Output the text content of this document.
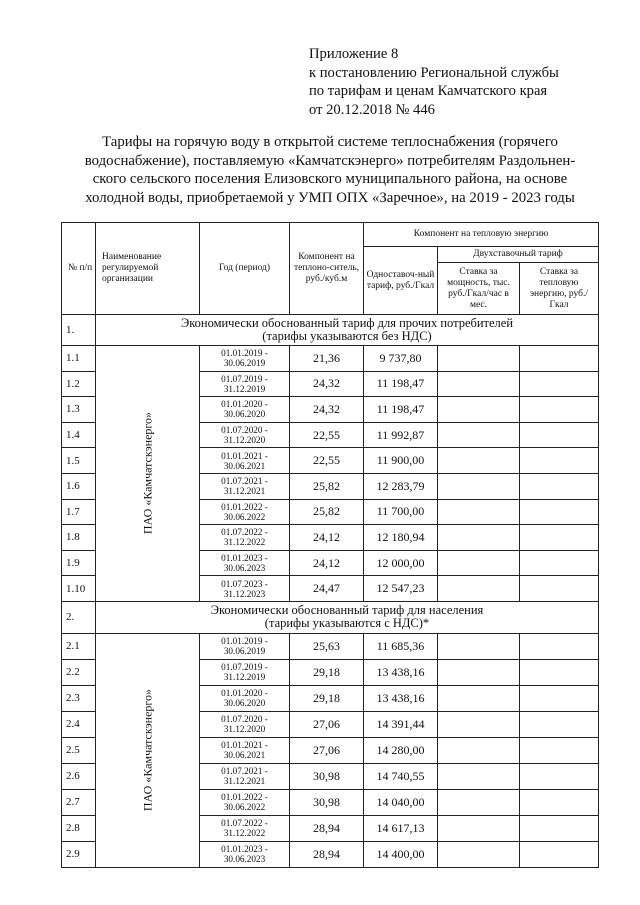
Приложение 8
к постановлению Региональной службы
по тарифам и ценам Камчатского края
от 20.12.2018 № 446
Тарифы на горячую воду в открытой системе теплоснабжения (горячего
водоснабжение), поставляемую «Камчатскэнерго» потребителям Раздольнен-
ского сельского поселения Елизовского муниципального района, на основе
холодной воды, приобретаемой у УМП ОПХ «Заречное», на 2019 - 2023 годы
№ п/п	Наименование регулируемой организации	Год (период)	Компонент на теплоно-ситель, руб./куб.м	Компонент на тепловую энергию		
				Одноставоч-ный тариф, руб./Гкал	Двухставочный тариф	
					Ставка за мощность, тыс. руб./Гкал/час в мес.	Ставка за тепловую энергию, руб./Гкал
1.	Экономически обоснованный тариф для прочих потребителей
(тарифы указываются без НДС)					

1.1	ПАО «Камчатскэнерго»	01.01.2019 -
30.06.2019	21,36	9 737,80		
1.2		01.07.2019 -
31.12.2019	24,32	11 198,47		
1.3		01.01.2020 -
30.06.2020	24,32	11 198,47		
1.4		01.07.2020 -
31.12.2020	22,55	11 992,87		
1.5		01.01.2021 -
30.06.2021	22,55	11 900,00		
1.6		01.07.2021 -
31.12.2021	25,82	12 283,79		
1.7		01.01.2022 -
30.06.2022	25,82	11 700,00		
1.8		01.07.2022 -
31.12.2022	24,12	12 180,94		
1.9		01.01.2023 -
30.06.2023	24,12	12 000,00		
1.10		01.07.2023 -
31.12.2023	24,47	12 547,23		
2.	Экономически обоснованный тариф для населения
(тарифы указываются с НДС)*					

2.1	ПАО «Камчатскэнерго»	01.01.2019 -
30.06.2019	25,63	11 685,36		
2.2		01.07.2019 -
31.12.2019	29,18	13 438,16		
2.3		01.01.2020 -
30.06.2020	29,18	13 438,16		
2.4		01.07.2020 -
31.12.2020	27,06	14 391,44		
2.5		01.01.2021 -
30.06.2021	27,06	14 280,00		
2.6		01.07.2021 -
31.12.2021	30,98	14 740,55		
2.7		01.01.2022 -
30.06.2022	30,98	14 040,00		
2.8		01.07.2022 -
31.12.2022	28,94	14 617,13		
2.9		01.01.2023 -
30.06.2023	28,94	14 400,00		
